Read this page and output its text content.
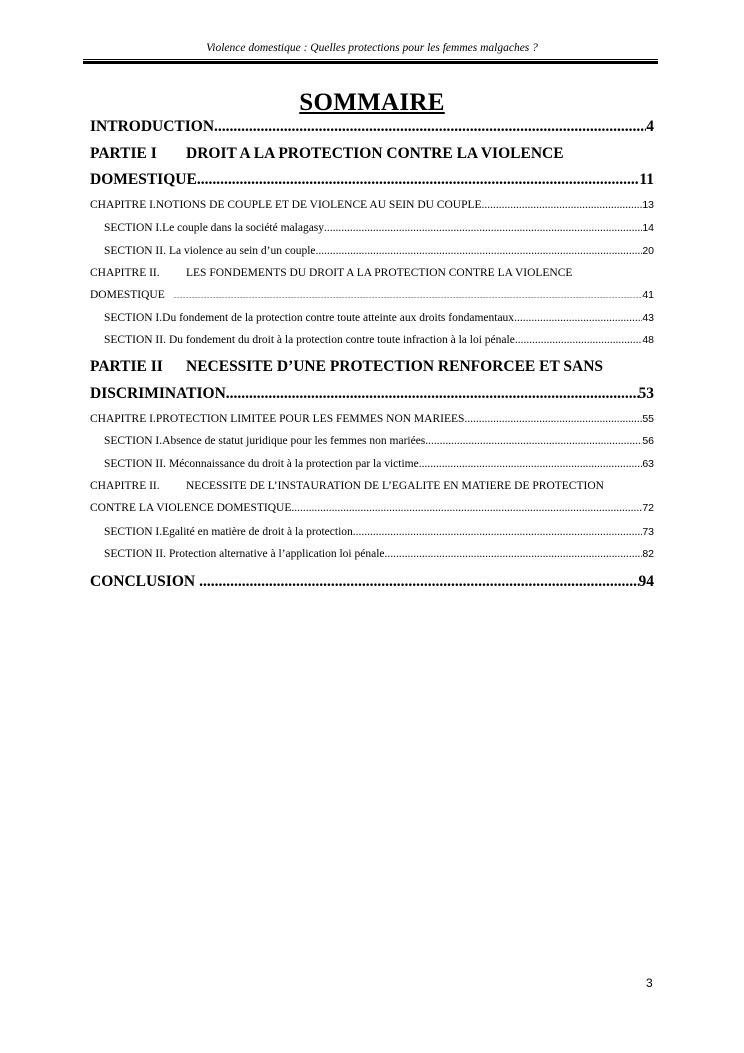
Violence domestique : Quelles protections pour les femmes malgaches ?
SOMMAIRE
INTRODUCTION .....	4
PARTIE I	DROIT A LA PROTECTION CONTRE LA VIOLENCE
DOMESTIQUE .....	11
CHAPITRE I. NOTIONS DE COUPLE ET DE VIOLENCE AU SEIN DU COUPLE .....	13
SECTION I. Le couple dans la société malagasy .....	14
SECTION II. La violence au sein d’un couple .....	20
CHAPITRE II.	LES FONDEMENTS DU DROIT A LA PROTECTION CONTRE LA VIOLENCE
DOMESTIQUE .....	41
SECTION I. Du fondement de la protection contre toute atteinte aux droits fondamentaux .....	43
SECTION II. Du fondement du droit à la protection contre toute infraction à la loi pénale .....	48
PARTIE II	NECESSITE D’UNE PROTECTION RENFORCEE ET SANS
DISCRIMINATION .....	53
CHAPITRE I. PROTECTION LIMITEE POUR LES FEMMES NON MARIEES .....	55
SECTION I. Absence de statut juridique pour les femmes non mariées .....	56
SECTION II. Méconnaissance du droit à la protection par la victime .....	63
CHAPITRE II.	NECESSITE DE L’INSTAURATION DE L’EGALITE EN MATIERE DE PROTECTION
CONTRE LA VIOLENCE DOMESTIQUE .....	72
SECTION I. Egalité en matière de droit à la protection .....	73
SECTION II. Protection alternative à l’application loi pénale .....	82
CONCLUSION .....	94
3
